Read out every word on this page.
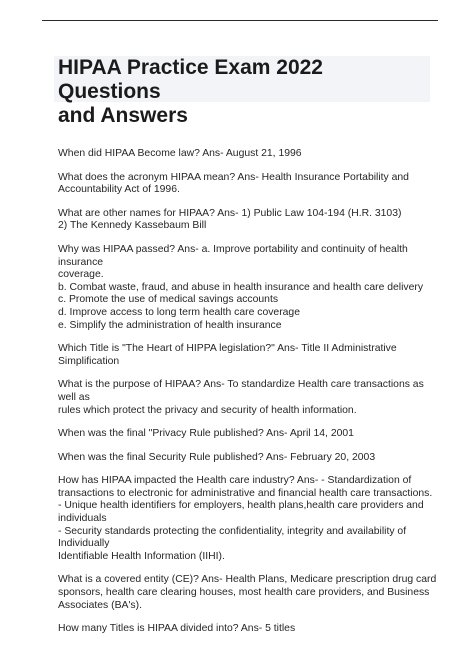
HIPAA Practice Exam 2022 Questions
and Answers

When did HIPAA Become law? Ans- August 21, 1996

What does the acronym HIPAA mean? Ans- Health Insurance Portability and
Accountability Act of 1996.

What are other names for HIPAA? Ans- 1) Public Law 104-194 (H.R. 3103)
2) The Kennedy Kassebaum Bill

Why was HIPAA passed? Ans- a. Improve portability and continuity of health insurance
coverage.
b. Combat waste, fraud, and abuse in health insurance and health care delivery
c. Promote the use of medical savings accounts
d. Improve access to long term health care coverage
e. Simplify the administration of health insurance

Which Title is "The Heart of HIPPA legislation?" Ans- Title II Administrative
Simplification

What is the purpose of HIPAA? Ans- To standardize Health care transactions as well as
rules which protect the privacy and security of health information.

When was the final "Privacy Rule published? Ans- April 14, 2001

When was the final Security Rule published? Ans- February 20, 2003

How has HIPAA impacted the Health care industry? Ans- - Standardization of
transactions to electronic for administrative and financial health care transactions.
- Unique health identifiers for employers, health plans,health care providers and
individuals
- Security standards protecting the confidentiality, integrity and availability of Individually
Identifiable Health Information (IIHI).

What is a covered entity (CE)? Ans- Health Plans, Medicare prescription drug card
sponsors, health care clearing houses, most health care providers, and Business
Associates (BA's).

How many Titles is HIPAA divided into? Ans- 5 titles
